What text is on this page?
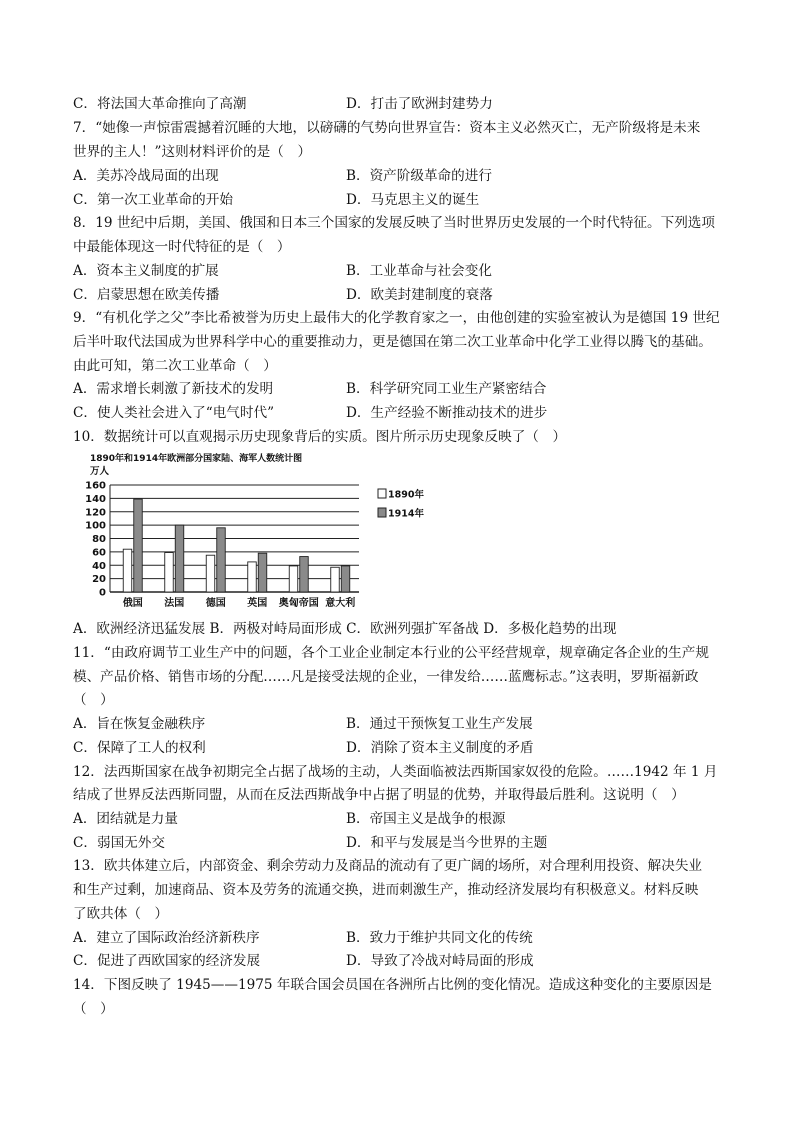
C．将法国大革命推向了高潮	D．打击了欧洲封建势力
7．“她像一声惊雷震撼着沉睡的大地，以磅礴的气势向世界宣告：资本主义必然灭亡，无产阶级将是未来
世界的主人！”这则材料评价的是（　）
A．美苏冷战局面的出现	B．资产阶级革命的进行
C．第一次工业革命的开始	D．马克思主义的诞生
8．19 世纪中后期，美国、俄国和日本三个国家的发展反映了当时世界历史发展的一个时代特征。下列选项
中最能体现这一时代特征的是（　）
A．资本主义制度的扩展	B．工业革命与社会变化
C．启蒙思想在欧美传播	D．欧美封建制度的衰落
9．“有机化学之父”李比希被誉为历史上最伟大的化学教育家之一，由他创建的实验室被认为是德国 19 世纪
后半叶取代法国成为世界科学中心的重要推动力，更是德国在第二次工业革命中化学工业得以腾飞的基础。
由此可知，第二次工业革命（　）
A．需求增长刺激了新技术的发明	B．科学研究同工业生产紧密结合
C．使人类社会进入了“电气时代”	D．生产经验不断推动技术的进步
10．数据统计可以直观揭示历史现象背后的实质。图片所示历史现象反映了（　）
1890年和1914年欧洲部分国家陆、海军人数统计图
万人
0
20
40
60
80
100
120
140
160
俄国 法国 德国 英国 奥匈帝国 意大利
1890年
1914年
A．欧洲经济迅猛发展 B．两极对峙局面形成 C．欧洲列强扩军备战 D．多极化趋势的出现
11．“由政府调节工业生产中的问题，各个工业企业制定本行业的公平经营规章，规章确定各企业的生产规
模、产品价格、销售市场的分配……凡是接受法规的企业，一律发给……蓝鹰标志。”这表明，罗斯福新政
（　）
A．旨在恢复金融秩序	B．通过干预恢复工业生产发展
C．保障了工人的权利	D．消除了资本主义制度的矛盾
12．法西斯国家在战争初期完全占据了战场的主动，人类面临被法西斯国家奴役的危险。……1942 年 1 月
结成了世界反法西斯同盟，从而在反法西斯战争中占据了明显的优势，并取得最后胜利。这说明（　）
A．团结就是力量	B．帝国主义是战争的根源
C．弱国无外交	D．和平与发展是当今世界的主题
13．欧共体建立后，内部资金、剩余劳动力及商品的流动有了更广阔的场所，对合理利用投资、解决失业
和生产过剩，加速商品、资本及劳务的流通交换，进而刺激生产，推动经济发展均有积极意义。材料反映
了欧共体（　）
A．建立了国际政治经济新秩序	B．致力于维护共同文化的传统
C．促进了西欧国家的经济发展	D．导致了冷战对峙局面的形成
14．下图反映了 1945——1975 年联合国会员国在各洲所占比例的变化情况。造成这种变化的主要原因是
（　）
